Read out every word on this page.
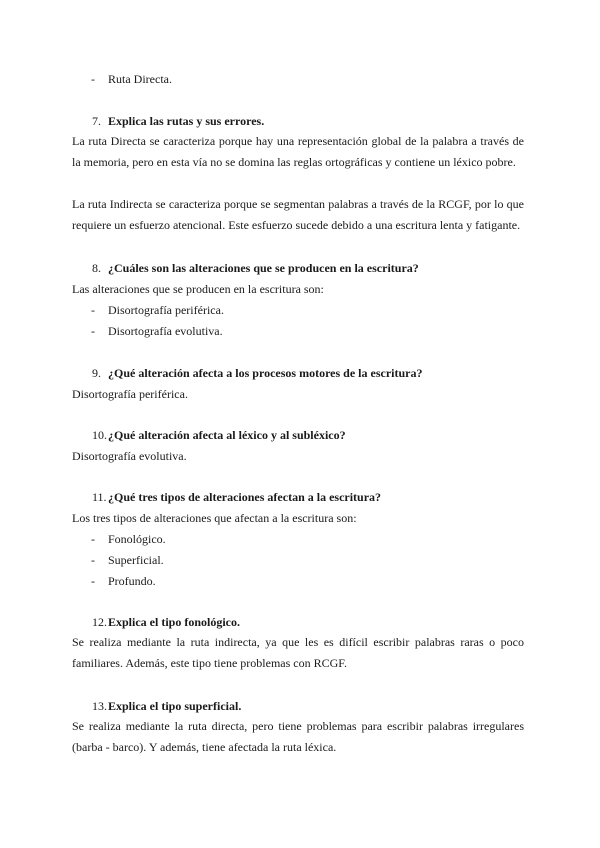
- Ruta Directa.
7. Explica las rutas y sus errores.
La ruta Directa se caracteriza porque hay una representación global de la palabra a través de la memoria, pero en esta vía no se domina las reglas ortográficas y contiene un léxico pobre.
La ruta Indirecta se caracteriza porque se segmentan palabras a través de la RCGF, por lo que requiere un esfuerzo atencional. Este esfuerzo sucede debido a una escritura lenta y fatigante.
8. ¿Cuáles son las alteraciones que se producen en la escritura?
Las alteraciones que se producen en la escritura son:
- Disortografía periférica.
- Disortografía evolutiva.
9. ¿Qué alteración afecta a los procesos motores de la escritura?
Disortografía periférica.
10. ¿Qué alteración afecta al léxico y al subléxico?
Disortografía evolutiva.
11. ¿Qué tres tipos de alteraciones afectan a la escritura?
Los tres tipos de alteraciones que afectan a la escritura son:
- Fonológico.
- Superficial.
- Profundo.
12. Explica el tipo fonológico.
Se realiza mediante la ruta indirecta, ya que les es difícil escribir palabras raras o poco familiares. Además, este tipo tiene problemas con RCGF.
13. Explica el tipo superficial.
Se realiza mediante la ruta directa, pero tiene problemas para escribir palabras irregulares (barba - barco). Y además, tiene afectada la ruta léxica.
